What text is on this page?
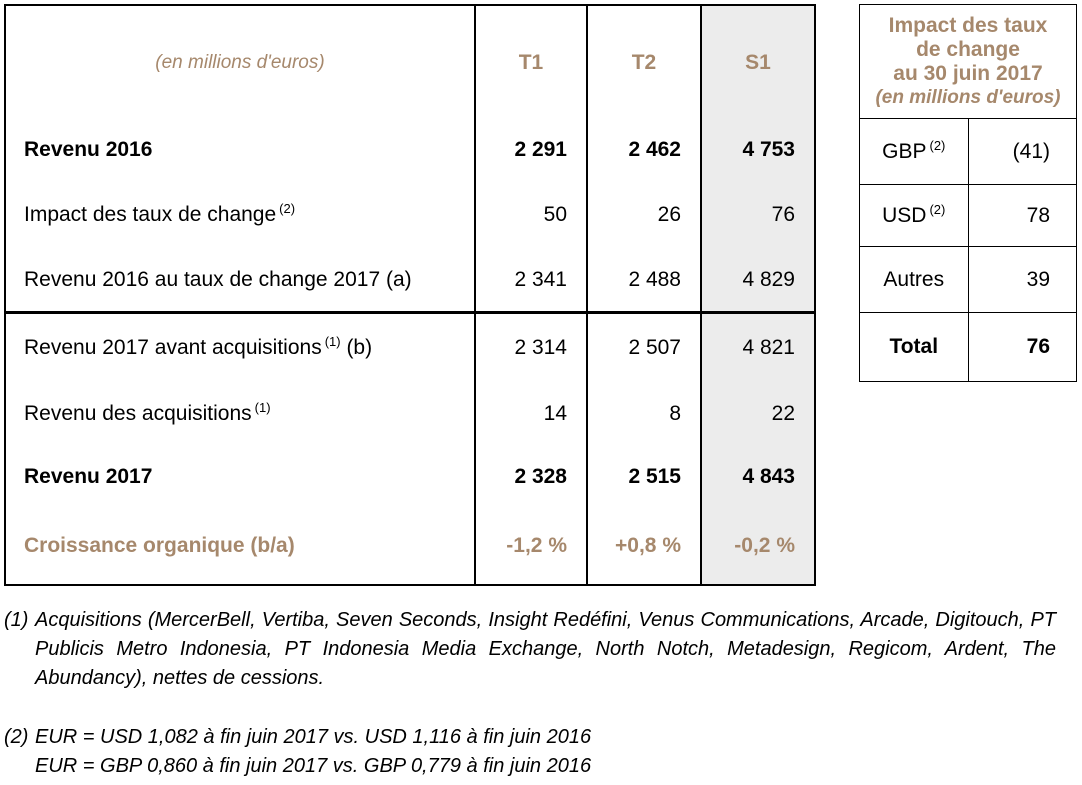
(en millions d'euros)	T1	T2	S1
Revenu 2016	2 291	2 462	4 753
Impact des taux de change $^{(2)}$	50	26	76
Revenu 2016 au taux de change 2017 (a)	2 341	2 488	4 829
Revenu 2017 avant acquisitions $^{(1)}$ (b)	2 314	2 507	4 821
Revenu des acquisitions $^{(1)}$	14	8	22
Revenu 2017	2 328	2 515	4 843
Croissance organique (b/a)	-1,2 %	+0,8 %	-0,2 %
Impact des taux
de change
au 30 juin 2017
(en millions d'euros)	

GBP $^{(2)}$	(41)
USD $^{(2)}$	78
Autres	39
Total	76
(1) Acquisitions (MercerBell, Vertiba, Seven Seconds, Insight Redéfini, Venus Communications, Arcade, Digitouch, PT Publicis Metro Indonesia, PT Indonesia Media Exchange, North Notch, Metadesign, Regicom, Ardent, The Abundancy), nettes de cessions.
(2) EUR = USD 1,082 à fin juin 2017 vs. USD 1,116 à fin juin 2016
EUR = GBP 0,860 à fin juin 2017 vs. GBP 0,779 à fin juin 2016
